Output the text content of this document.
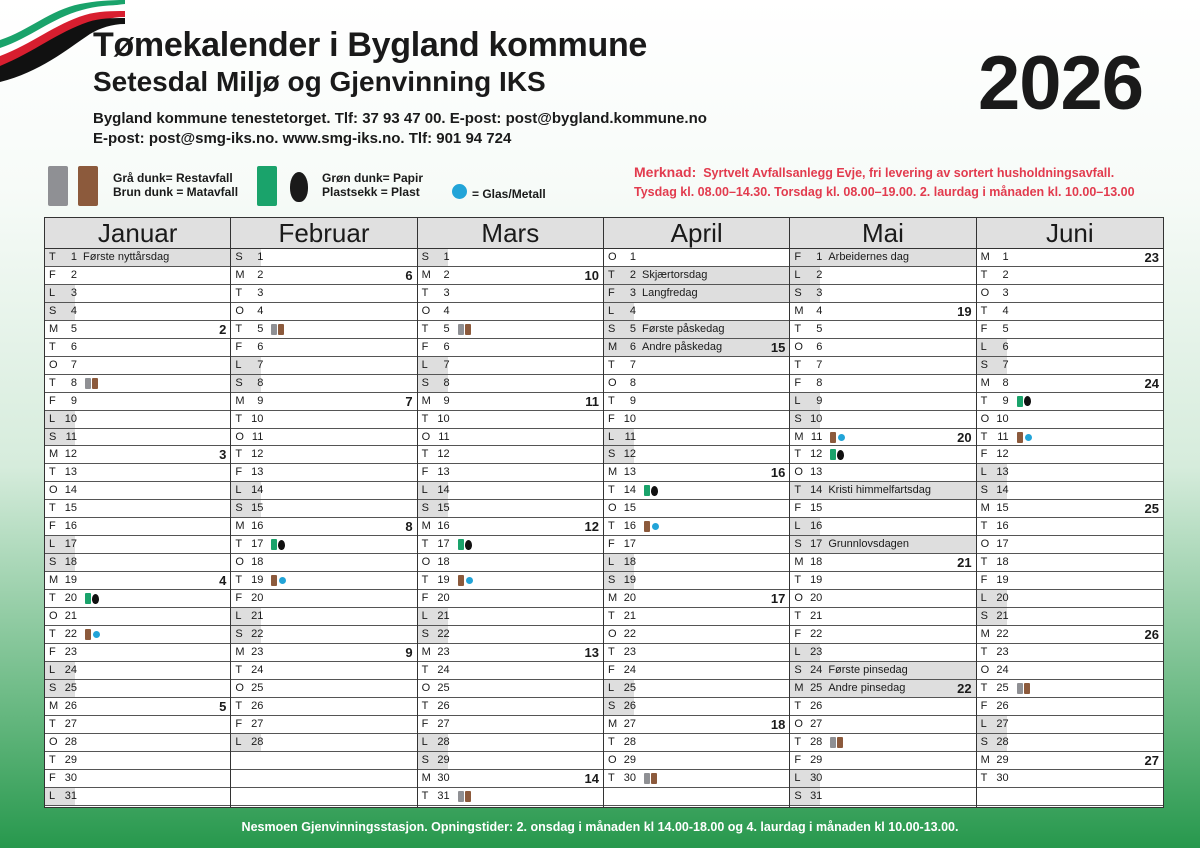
Tømekalender i Bygland kommune
Setesdal Miljø og Gjenvinning IKS
Bygland kommune tenestetorget. Tlf: 37 93 47 00. E-post: post@bygland.kommune.no
E-post: post@smg-iks.no. www.smg-iks.no. Tlf: 901 94 724
2026
Grå dunk= Restavfall
Brun dunk = Matavfall
Grøn dunk= Papir
Plastsekk = Plast	= Glas/Metall
Merknad: Syrtvelt Avfallsanlegg Evje, fri levering av sortert husholdningsavfall.
Tysdag kl. 08.00–14.30. Torsdag kl. 08.00–19.00. 2. laurdag i månaden kl. 10.00–13.00
Januar
T	1 Første nyttårsdag
F	2
L	3
S	4
M	5	2
T	6
O	7
T	8
F	9
L 10
S 11
M 12	3
T 13
O 14
T 15
F 16
L 17
S 18
M 19	4
T 20
O 21
T 22
F 23
L 24
S 25
M 26	5
T 27
O 28
T 29
F 30
L 31
Februar
S	1
M	2	6
T	3
O	4
T	5
F	6
L	7
S	8
M	9	7
T 10
O 11
T 12
F 13
L 14
S 15
M 16	8
T 17
O 18
T 19
F 20
L 21
S 22
M 23	9
T 24
O 25
T 26
F 27
L 28
Mars
S	1
M	2	10
T	3
O	4
T	5
F	6
L	7
S	8
M	9	11
T 10
O 11
T 12
F 13
L 14
S 15
M 16	12
T 17
O 18
T 19
F 20
L 21
S 22
M 23	13
T 24
O 25
T 26
F 27
L 28
S 29
M 30	14
T 31
April
O	1
T	2 Skjærtorsdag
F	3 Langfredag
L	4
S	5 Første påskedag
M	6 Andre påskedag	15
T	7
O	8
T	9
F 10
L 11
S 12
M 13	16
T 14
O 15
T 16
F 17
L 18
S 19
M 20	17
T 21
O 22
T 23
F 24
L 25
S 26
M 27	18
T 28
O 29
T 30
Mai
F	1 Arbeidernes dag
L	2
S	3
M	4	19
T	5
O	6
T	7
F	8
L	9
S 10
M 11	20
T 12
O 13
T 14 Kristi himmelfartsdag
F 15
L 16
S 17 Grunnlovsdagen
M 18	21
T 19
O 20
T 21
F 22
L 23
S 24 Første pinsedag
M 25 Andre pinsedag	22
T 26
O 27
T 28
F 29
L 30
S 31
Juni
M	1	23
T	2
O	3
T	4
F	5
L	6
S	7
M	8	24
T	9
O 10
T 11
F 12
L 13
S 14
M 15	25
T 16
O 17
T 18
F 19
L 20
S 21
M 22	26
T 23
O 24
T 25
F 26
L 27
S 28
M 29	27
T 30
Nesmoen Gjenvinningsstasjon. Opningstider: 2. onsdag i månaden kl 14.00-18.00 og 4. laurdag i månaden kl 10.00-13.00.
